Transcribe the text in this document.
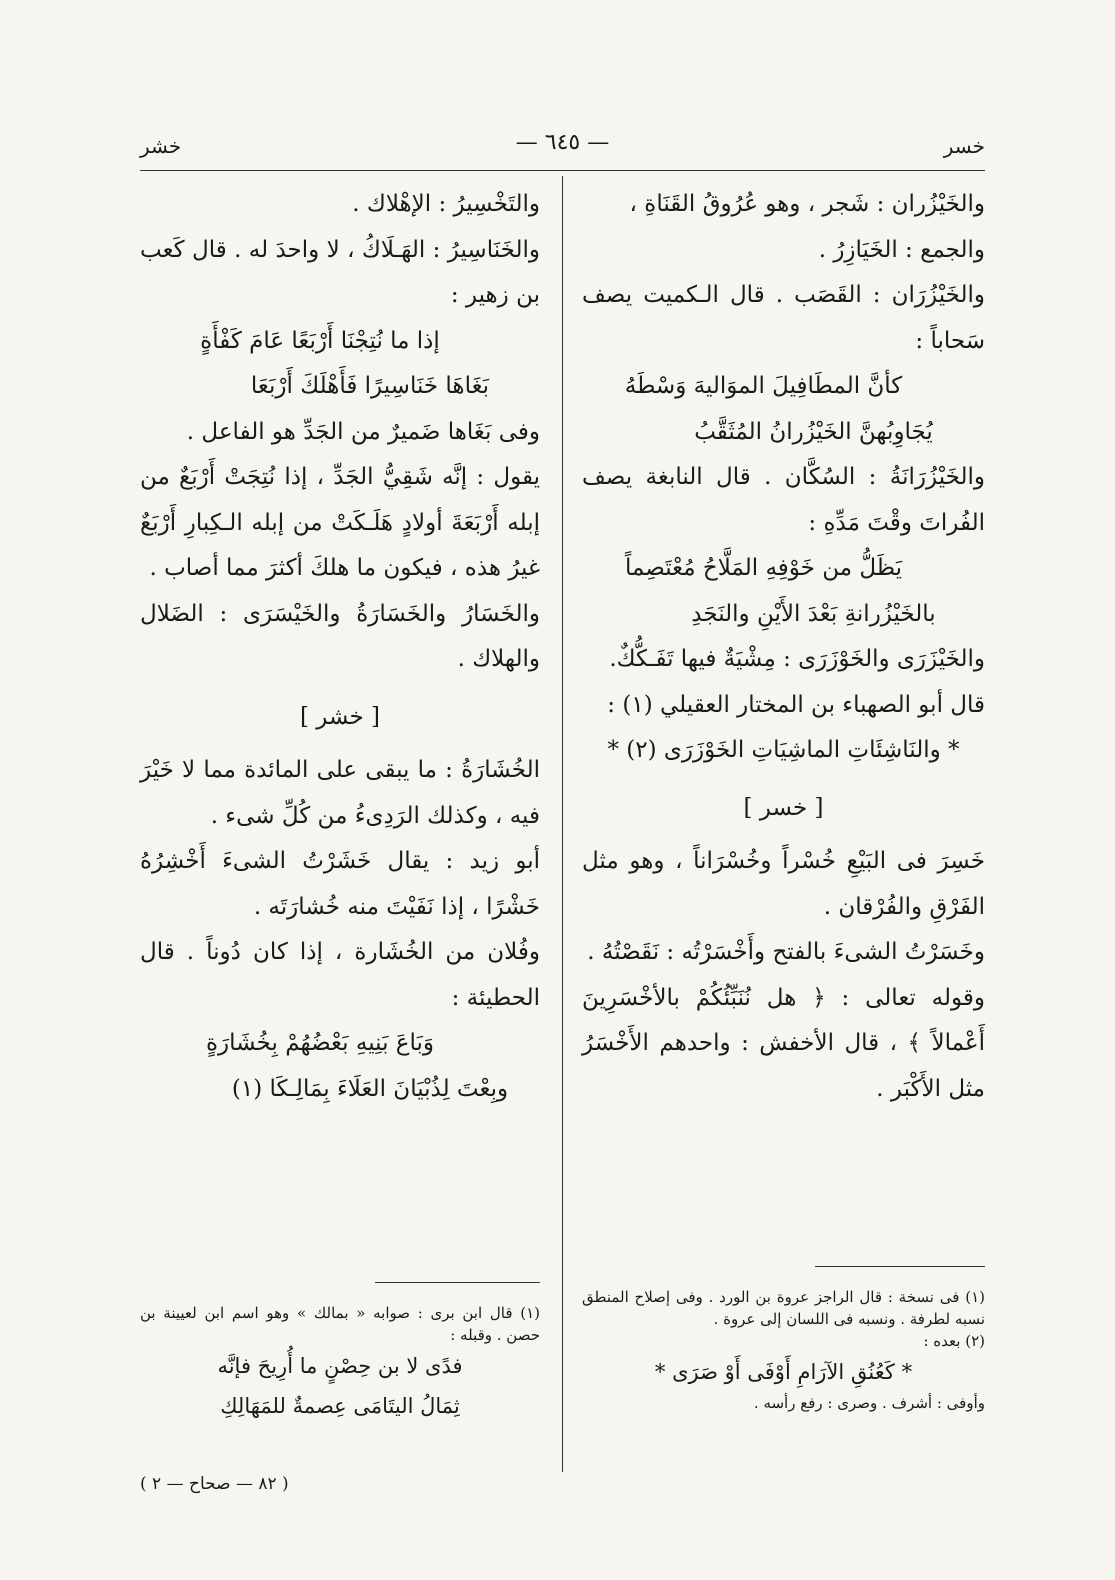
خسر
— ٦٤٥ —
خشر

والخَيْزُران : شَجر ، وهو عُرُوقُ القَنَاةِ ،

والجمع : الخَيَازِرُ .

والخَيْزُرَان : القَصَب . قال الـكميت يصف سَحاباً :

كأنَّ المطَافِيلَ الموَاليهَ وَسْطَهُ

يُجَاوِبُهنَّ الخَيْزُرانُ المُثَقَّبُ

والخَيْزُرَانَةُ : السُكَّان . قال النابغة يصف الفُراتَ وقْتَ مَدِّهِ :

يَظَلُّ من خَوْفِهِ المَلَّاحُ مُعْتَصِماً

بالخَيْزُرانةِ بَعْدَ الأَيْنِ والنَجَدِ

والخَيْزَرَى والخَوْزَرَى : مِشْيَةٌ فيها تَفَـكُّكٌ.

قال أبو الصهباء بن المختار العقيلي (١) :

* والنَاشِئَاتِ الماشِيَاتِ الخَوْزَرَى (٢) *

[ خسر ]

خَسِرَ فى البَيْعِ خُسْراً وخُسْرَاناً ، وهو مثل الفَرْقِ والفُرْقان .

وخَسَرْتُ الشىءَ بالفتح وأَخْسَرْتُه : نَقَصْتُهُ .

وقوله تعالى : ﴿ هل نُنَبِّئُكُمْ بالأخْسَرِينَ أَعْمالاً ﴾ ، قال الأخفش : واحدهم الأَخْسَرُ مثل الأَكْبَر .

والتَخْسِيرُ : الإهْلاك .

والخَنَاسِيرُ : الهَـلَاكُ ، لا واحدَ له . قال كَعب بن زهير :

إذا ما نُتِجْنَا أَرْبَعًا عَامَ كَفْأَةٍ

بَغَاهَا خَنَاسِيرًا فَأَهْلَكَ أَرْبَعَا

وفى بَغَاها ضَميرٌ من الجَدِّ هو الفاعل .

يقول : إنَّه شَقِيُّ الجَدِّ ، إذا نُتِجَتْ أَرْبَعٌ من إبله أَرْبَعَةَ أولادٍ هَلَـكَتْ من إبله الـكِبارِ أَرْبَعٌ غيرُ هذه ، فيكون ما هلكَ أكثرَ مما أصاب .

والخَسَارُ والخَسَارَةُ والخَيْسَرَى : الضَلال والهلاك .

[ خشر ]

الخُشَارَةُ : ما يبقى على المائدة مما لا خَيْرَ فيه ، وكذلك الرَدِىءُ من كُلِّ شىء .

أبو زيد : يقال خَشَرْتُ الشىءَ أَخْشِرُهُ خَشْرًا ، إذا نَفَيْتَ منه خُشارَتَه .

وفُلان من الخُشَارة ، إذا كان دُوناً . قال الحطيئة :

وَبَاعَ بَنِيهِ بَعْضُهُمْ بِخُشَارَةٍ

وبِعْتَ لِذُبْيَانَ العَلَاءَ بِمَالِـكَا (١)

(١) فى نسخة : قال الراجز عروة بن الورد . وفى إصلاح المنطق نسبه لطرفة . ونسبه فى اللسان إلى عروة .

(٢) بعده :

* كَعُنُقِ الآرَامِ أَوْفَى أَوْ صَرَى *

وأوفى : أشرف . وصرى : رفع رأسه .

(١) قال ابن برى : صوابه « بمالك » وهو اسم ابن لعيينة بن حصن . وقبله :

فدًى لا بن حِصْنٍ ما أُرِيحَ فإنَّه

ثِمَالُ اليتَامَى عِصمةٌ للمَهَالِكِ

( ٨٢ — صحاح — ٢ )
